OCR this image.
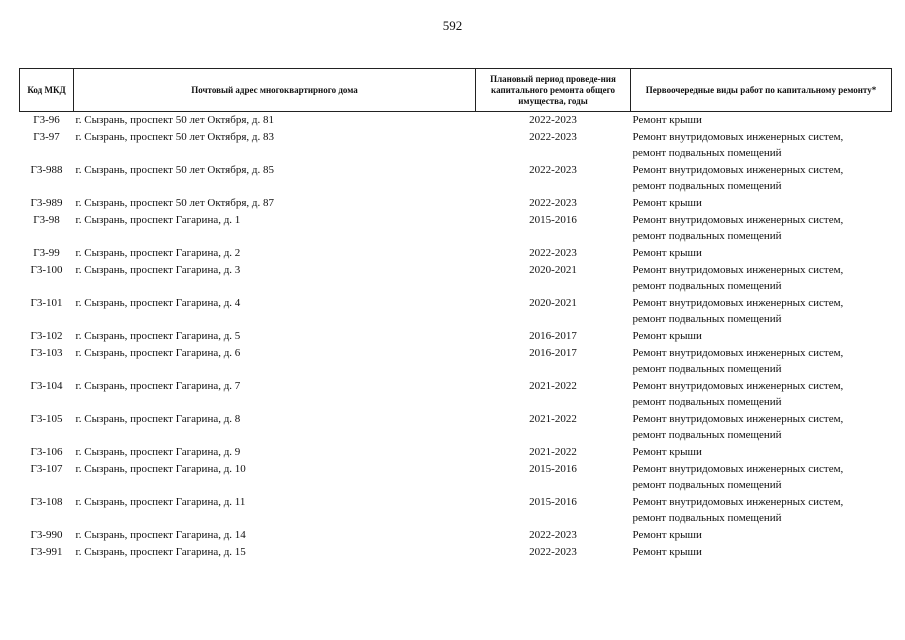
592
Код МКД	Почтовый адрес многоквартирного дома	Плановый период проведе-ния капитального ремонта общего имущества, годы	Первоочередные виды работ по капитальному ремонту*
Г3-96	г. Сызрань, проспект 50 лет Октября, д. 81	2022-2023	Ремонт крыши

Г3-97	г. Сызрань, проспект 50 лет Октября, д. 83	2022-2023	Ремонт внутридомовых инженерных систем,
ремонт подвальных помещений

Г3-988	г. Сызрань, проспект 50 лет Октября, д. 85	2022-2023	Ремонт внутридомовых инженерных систем,
ремонт подвальных помещений

Г3-989	г. Сызрань, проспект 50 лет Октября, д. 87	2022-2023	Ремонт крыши

Г3-98	г. Сызрань, проспект Гагарина, д. 1	2015-2016	Ремонт внутридомовых инженерных систем,
ремонт подвальных помещений

Г3-99	г. Сызрань, проспект Гагарина, д. 2	2022-2023	Ремонт крыши

Г3-100	г. Сызрань, проспект Гагарина, д. 3	2020-2021	Ремонт внутридомовых инженерных систем,
ремонт подвальных помещений

Г3-101	г. Сызрань, проспект Гагарина, д. 4	2020-2021	Ремонт внутридомовых инженерных систем,
ремонт подвальных помещений

Г3-102	г. Сызрань, проспект Гагарина, д. 5	2016-2017	Ремонт крыши

Г3-103	г. Сызрань, проспект Гагарина, д. 6	2016-2017	Ремонт внутридомовых инженерных систем,
ремонт подвальных помещений

Г3-104	г. Сызрань, проспект Гагарина, д. 7	2021-2022	Ремонт внутридомовых инженерных систем,
ремонт подвальных помещений

Г3-105	г. Сызрань, проспект Гагарина, д. 8	2021-2022	Ремонт внутридомовых инженерных систем,
ремонт подвальных помещений

Г3-106	г. Сызрань, проспект Гагарина, д. 9	2021-2022	Ремонт крыши

Г3-107	г. Сызрань, проспект Гагарина, д. 10	2015-2016	Ремонт внутридомовых инженерных систем,
ремонт подвальных помещений

Г3-108	г. Сызрань, проспект Гагарина, д. 11	2015-2016	Ремонт внутридомовых инженерных систем,
ремонт подвальных помещений

Г3-990	г. Сызрань, проспект Гагарина, д. 14	2022-2023	Ремонт крыши

Г3-991	г. Сызрань, проспект Гагарина, д. 15	2022-2023	Ремонт крыши
